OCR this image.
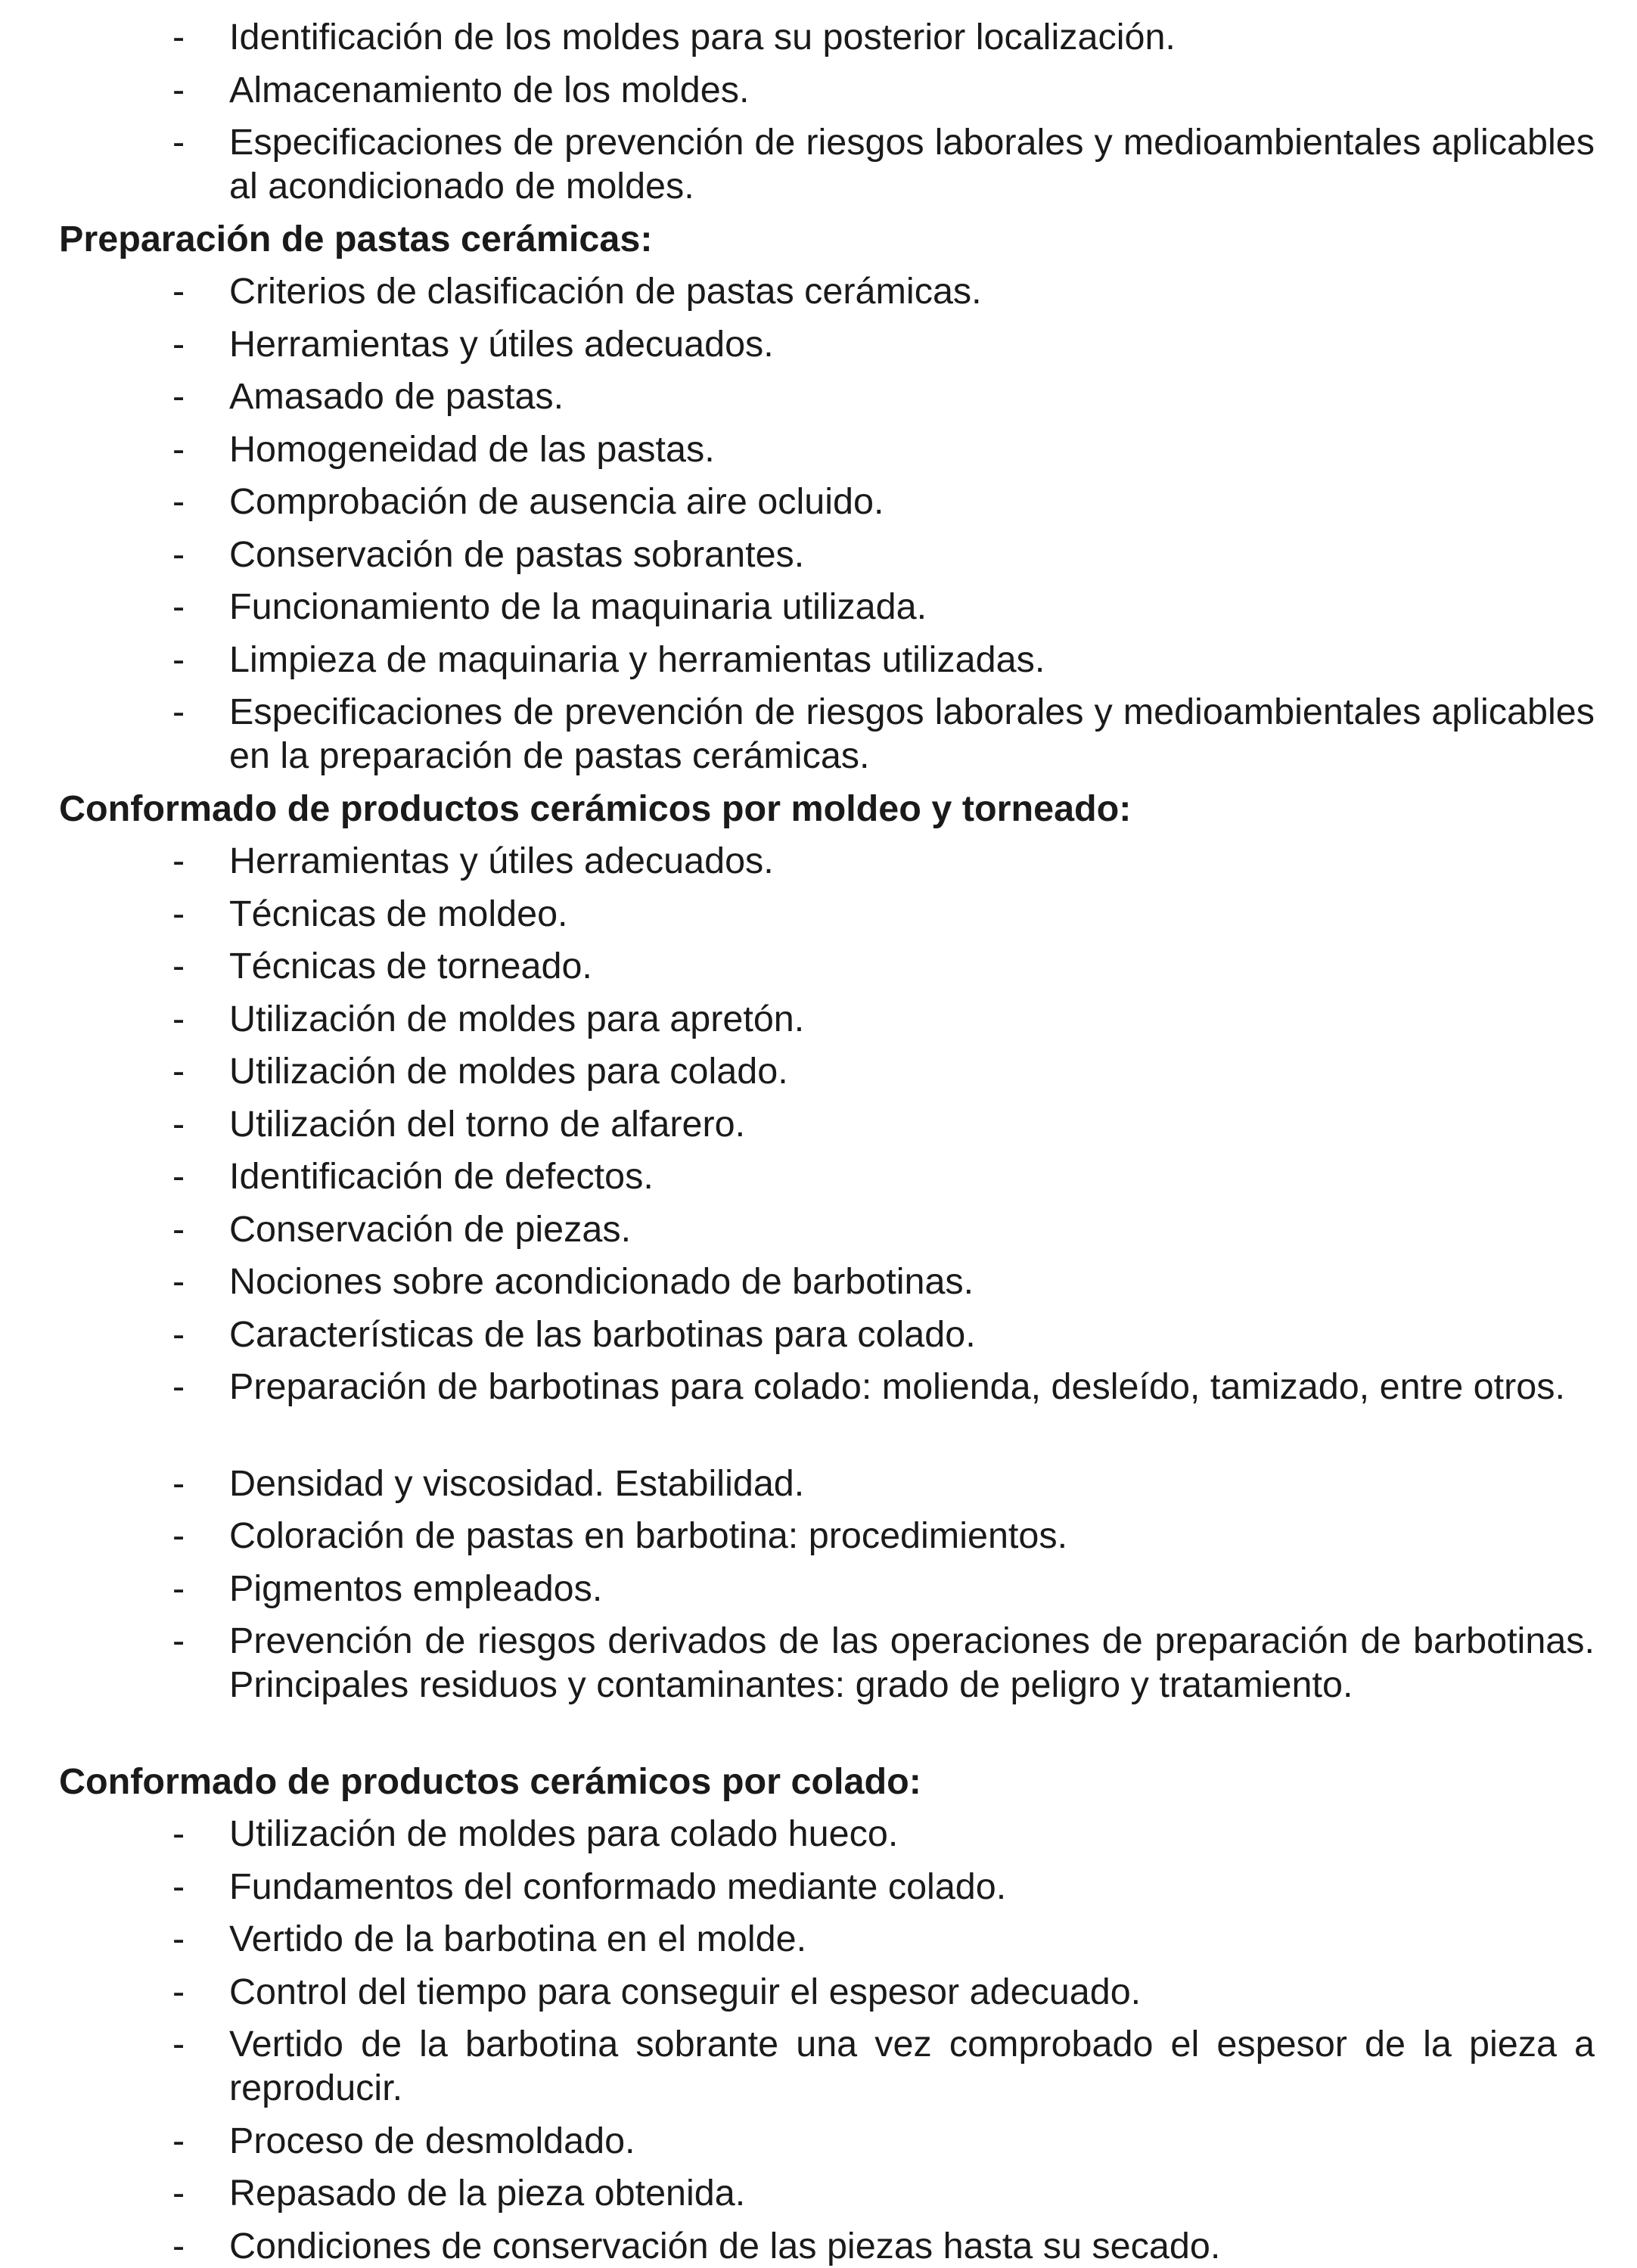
-	Identificación de los moldes para su posterior localización.

-	Almacenamiento de los moldes.

-	Especificaciones de prevención de riesgos laborales y medioambientales aplicables al acondicionado de moldes.

Preparación de pastas cerámicas:
-	Criterios de clasificación de pastas cerámicas.

-	Herramientas y útiles adecuados.

-	Amasado de pastas.

-	Homogeneidad de las pastas.

-	Comprobación de ausencia aire ocluido.

-	Conservación de pastas sobrantes.

-	Funcionamiento de la maquinaria utilizada.

-	Limpieza de maquinaria y herramientas utilizadas.

-	Especificaciones de prevención de riesgos laborales y medioambientales aplicables en la preparación de pastas cerámicas.

Conformado de productos cerámicos por moldeo y torneado:
-	Herramientas y útiles adecuados.

-	Técnicas de moldeo.

-	Técnicas de torneado.

-	Utilización de moldes para apretón.

-	Utilización de moldes para colado.

-	Utilización del torno de alfarero.

-	Identificación de defectos.

-	Conservación de piezas.

-	Nociones sobre acondicionado de barbotinas.

-	Características de las barbotinas para colado.

-	Preparación de barbotinas para colado: molienda, desleído, tamizado, entre otros.

-	Densidad y viscosidad. Estabilidad.

-	Coloración de pastas en barbotina: procedimientos.

-	Pigmentos empleados.

-	Prevención de riesgos derivados de las operaciones de preparación de barbotinas. Principales residuos y contaminantes: grado de peligro y tratamiento.

Conformado de productos cerámicos por colado:
-	Utilización de moldes para colado hueco.

-	Fundamentos del conformado mediante colado.

-	Vertido de la barbotina en el molde.

-	Control del tiempo para conseguir el espesor adecuado.

-	Vertido de la barbotina sobrante una vez comprobado el espesor de la pieza a reproducir.

-	Proceso de desmoldado.

-	Repasado de la pieza obtenida.

-	Condiciones de conservación de las piezas hasta su secado.
